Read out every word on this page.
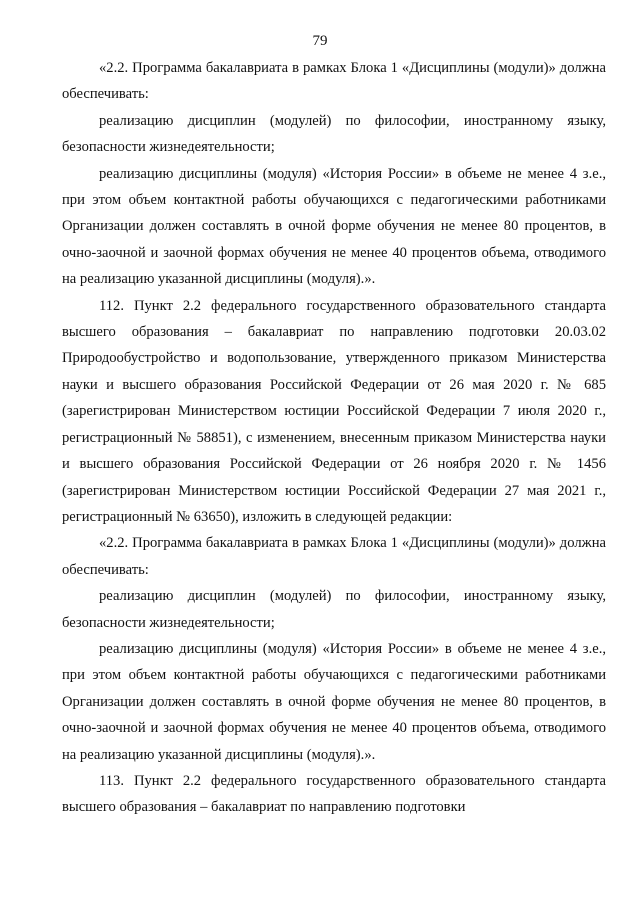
79

«2.2. Программа бакалавриата в рамках Блока 1 «Дисциплины (модули)» должна обеспечивать:

реализацию дисциплин (модулей) по философии, иностранному языку, безопасности жизнедеятельности;

реализацию дисциплины (модуля) «История России» в объеме не менее 4 з.е., при этом объем контактной работы обучающихся с педагогическими работниками Организации должен составлять в очной форме обучения не менее 80 процентов, в очно-заочной и заочной формах обучения не менее 40 процентов объема, отводимого на реализацию указанной дисциплины (модуля).».

112. Пункт 2.2 федерального государственного образовательного стандарта высшего образования – бакалавриат по направлению подготовки 20.03.02 Природообустройство и водопользование, утвержденного приказом Министерства науки и высшего образования Российской Федерации от 26 мая 2020 г. № 685 (зарегистрирован Министерством юстиции Российской Федерации 7 июля 2020 г., регистрационный № 58851), с изменением, внесенным приказом Министерства науки и высшего образования Российской Федерации от 26 ноября 2020 г. № 1456 (зарегистрирован Министерством юстиции Российской Федерации 27 мая 2021 г., регистрационный № 63650), изложить в следующей редакции:

«2.2. Программа бакалавриата в рамках Блока 1 «Дисциплины (модули)» должна обеспечивать:

реализацию дисциплин (модулей) по философии, иностранному языку, безопасности жизнедеятельности;

реализацию дисциплины (модуля) «История России» в объеме не менее 4 з.е., при этом объем контактной работы обучающихся с педагогическими работниками Организации должен составлять в очной форме обучения не менее 80 процентов, в очно-заочной и заочной формах обучения не менее 40 процентов объема, отводимого на реализацию указанной дисциплины (модуля).».

113. Пункт 2.2 федерального государственного образовательного стандарта высшего образования – бакалавриат по направлению подготовки
